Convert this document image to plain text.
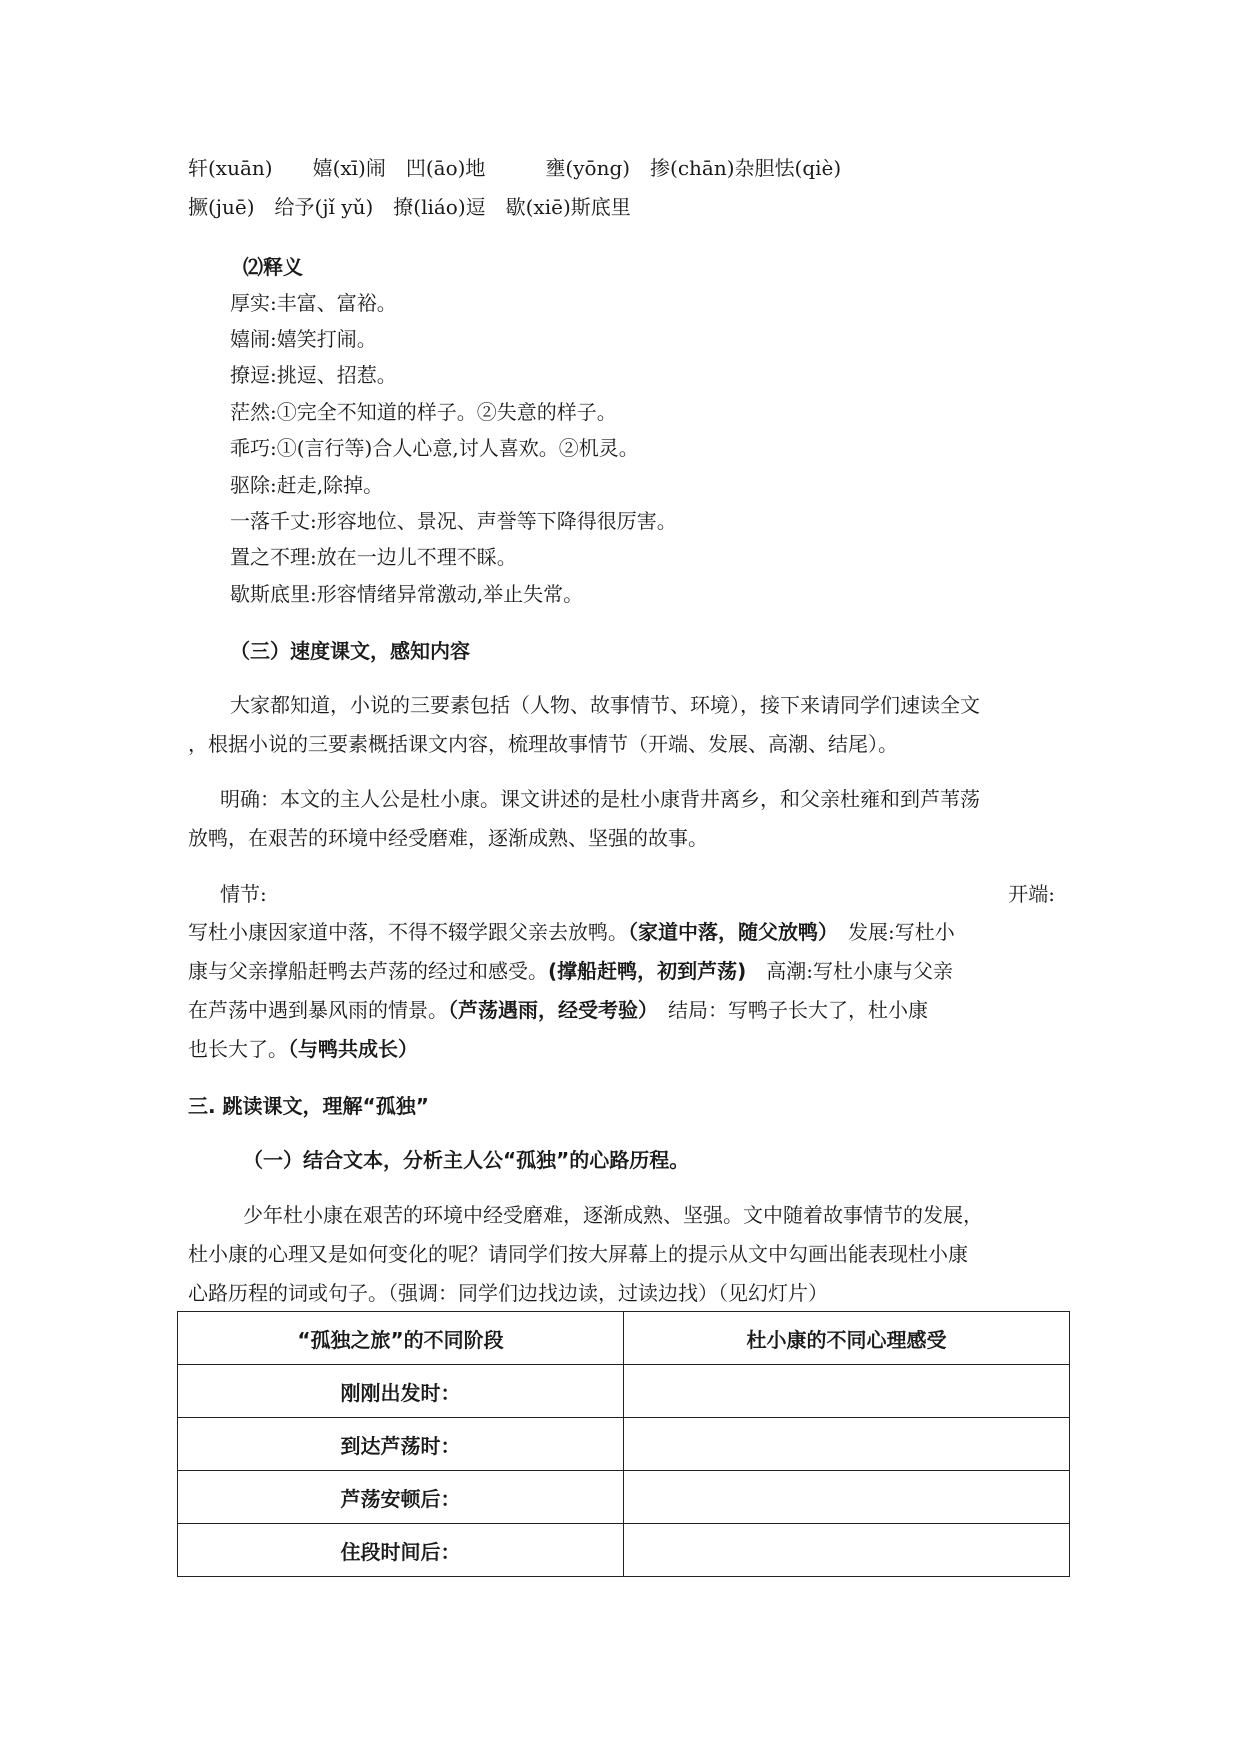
轩(xuān)　　嬉(xī)闹　凹(āo)地　　　壅(yōng)　掺(chān)杂胆怯(qiè)
撅(juē)　给予(jǐ yǔ)　撩(liáo)逗　歇(xiē)斯底里
⑵释义
厚实:丰富、富裕。
嬉闹:嬉笑打闹。
撩逗:挑逗、招惹。
茫然:①完全不知道的样子。②失意的样子。
乖巧:①(言行等)合人心意,讨人喜欢。②机灵。
驱除:赶走,除掉。
一落千丈:形容地位、景况、声誉等下降得很厉害。
置之不理:放在一边儿不理不睬。
歇斯底里:形容情绪异常激动,举止失常。
（三）速度课文，感知内容
大家都知道，小说的三要素包括（人物、故事情节、环境），接下来请同学们速读全文
，根据小说的三要素概括课文内容，梳理故事情节（开端、发展、高潮、结尾）。
明确：本文的主人公是杜小康。课文讲述的是杜小康背井离乡，和父亲杜雍和到芦苇荡
放鸭，在艰苦的环境中经受磨难，逐渐成熟、坚强的故事。
情节:	开端:
写杜小康因家道中落，不得不辍学跟父亲去放鸭。（家道中落，随父放鸭）　发展:写杜小
康与父亲撑船赶鸭去芦荡的经过和感受。(撑船赶鸭，初到芦荡)　高潮:写杜小康与父亲
在芦荡中遇到暴风雨的情景。（芦荡遇雨，经受考验）　结局：写鸭子长大了，杜小康
也长大了。（与鸭共成长）
三. 跳读课文，理解“孤独”
（一）结合文本，分析主人公“孤独”的心路历程。
少年杜小康在艰苦的环境中经受磨难，逐渐成熟、坚强。文中随着故事情节的发展，
杜小康的心理又是如何变化的呢？请同学们按大屏幕上的提示从文中勾画出能表现杜小康
心路历程的词或句子。（强调：同学们边找边读，过读边找）（见幻灯片）
“孤独之旅”的不同阶段	杜小康的不同心理感受
刚刚出发时：	
到达芦荡时：	
芦荡安顿后：	
住段时间后：	
